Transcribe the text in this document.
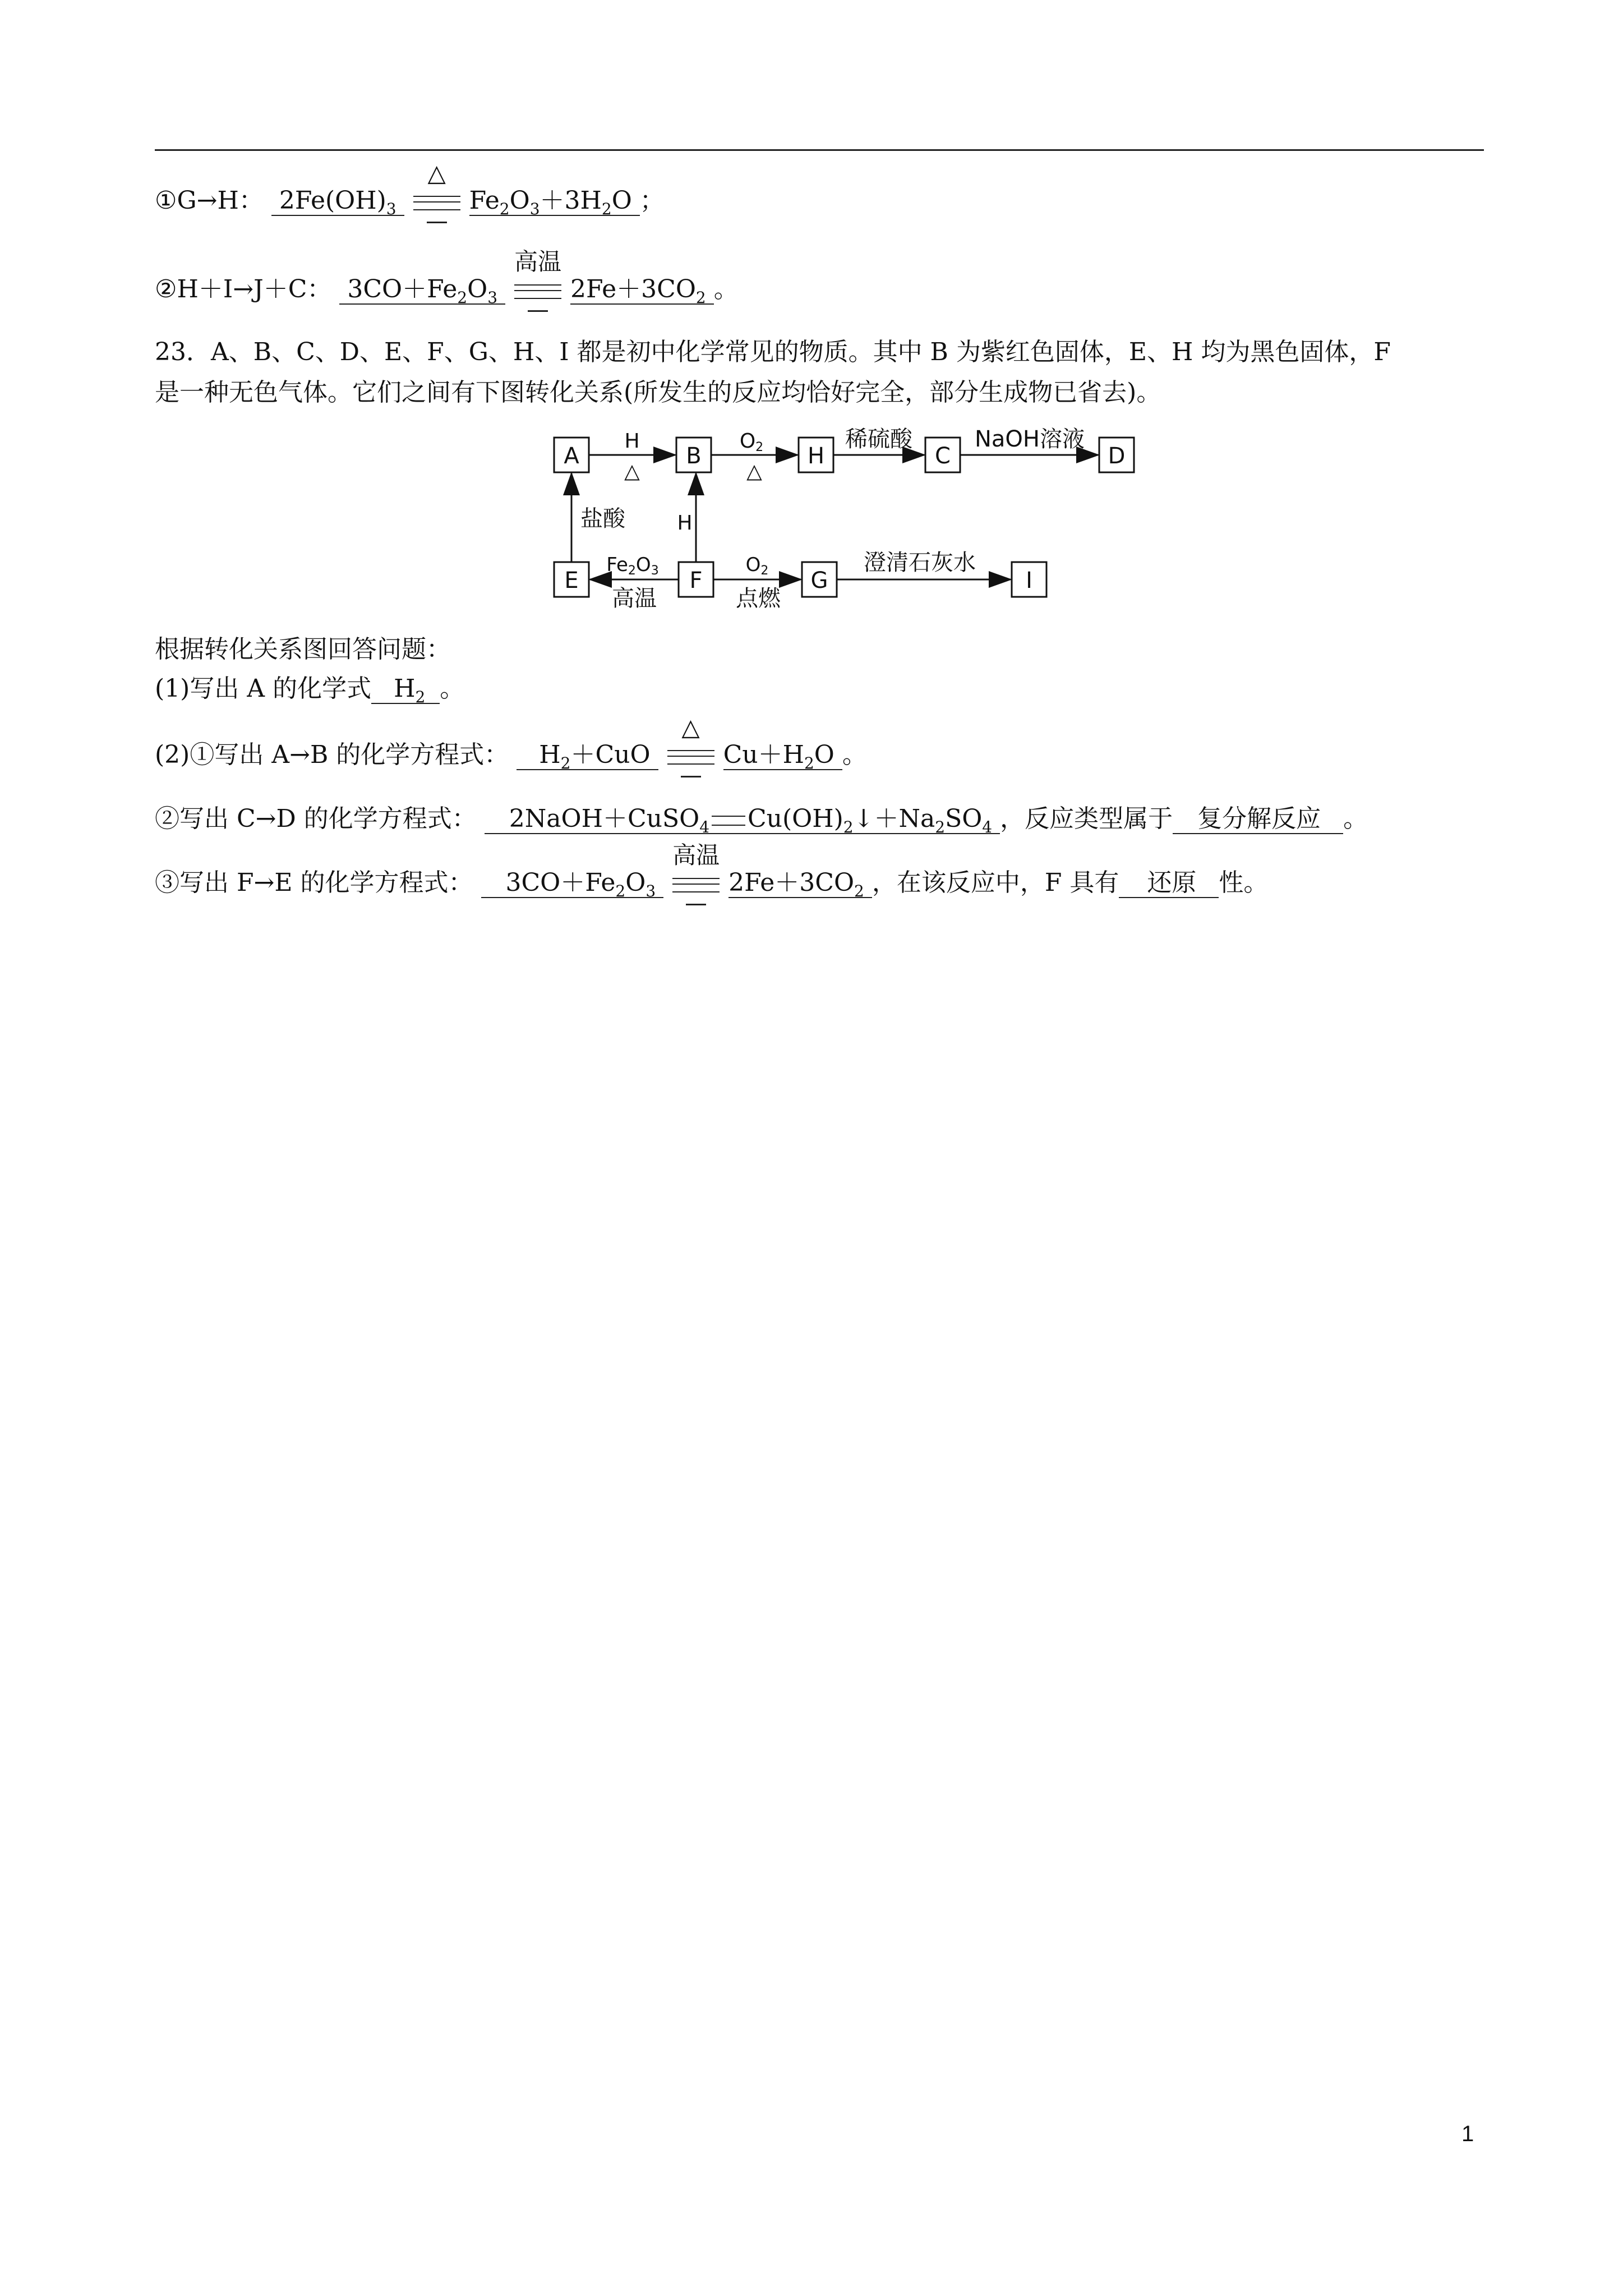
①G→H： $2Fe(OH)_3$
△
$Fe_2O_3+3H_2O$ ；
②H＋I→J＋C： $3CO+Fe_2O_3$
高温
$2Fe+3CO_2$ 。
23．A、B、C、D、E、F、G、H、I 都是初中化学常见的物质。其中 B 为紫红色固体，E、H 均为黑色固体，F
是一种无色气体。它们之间有下图转化关系(所发生的反应均恰好完全，部分生成物已省去)。
A	B	H	C	D
E	F	G	I
H
△
O2
△
稀硫酸	NaOH溶液
盐酸	H
Fe2O3
高温
O2
点燃
澄清石灰水
根据转化关系图回答问题：
(1)写出 A 的化学式 $H_2$ 。
(2)①写出 A→B 的化学方程式： $H_2+CuO$
△
$Cu+H_2O$ 。
②写出 C→D 的化学方程式： 2NaOH＋CuSO$_4$ $Cu(OH)_2↓+Na_2SO_4$ ，反应类型属于 复分解反应 。
③写出 F→E 的化学方程式： $3CO+Fe_2O_3$
高温
$2Fe+3CO_2$ ，在该反应中，F 具有 还原 性。
1
